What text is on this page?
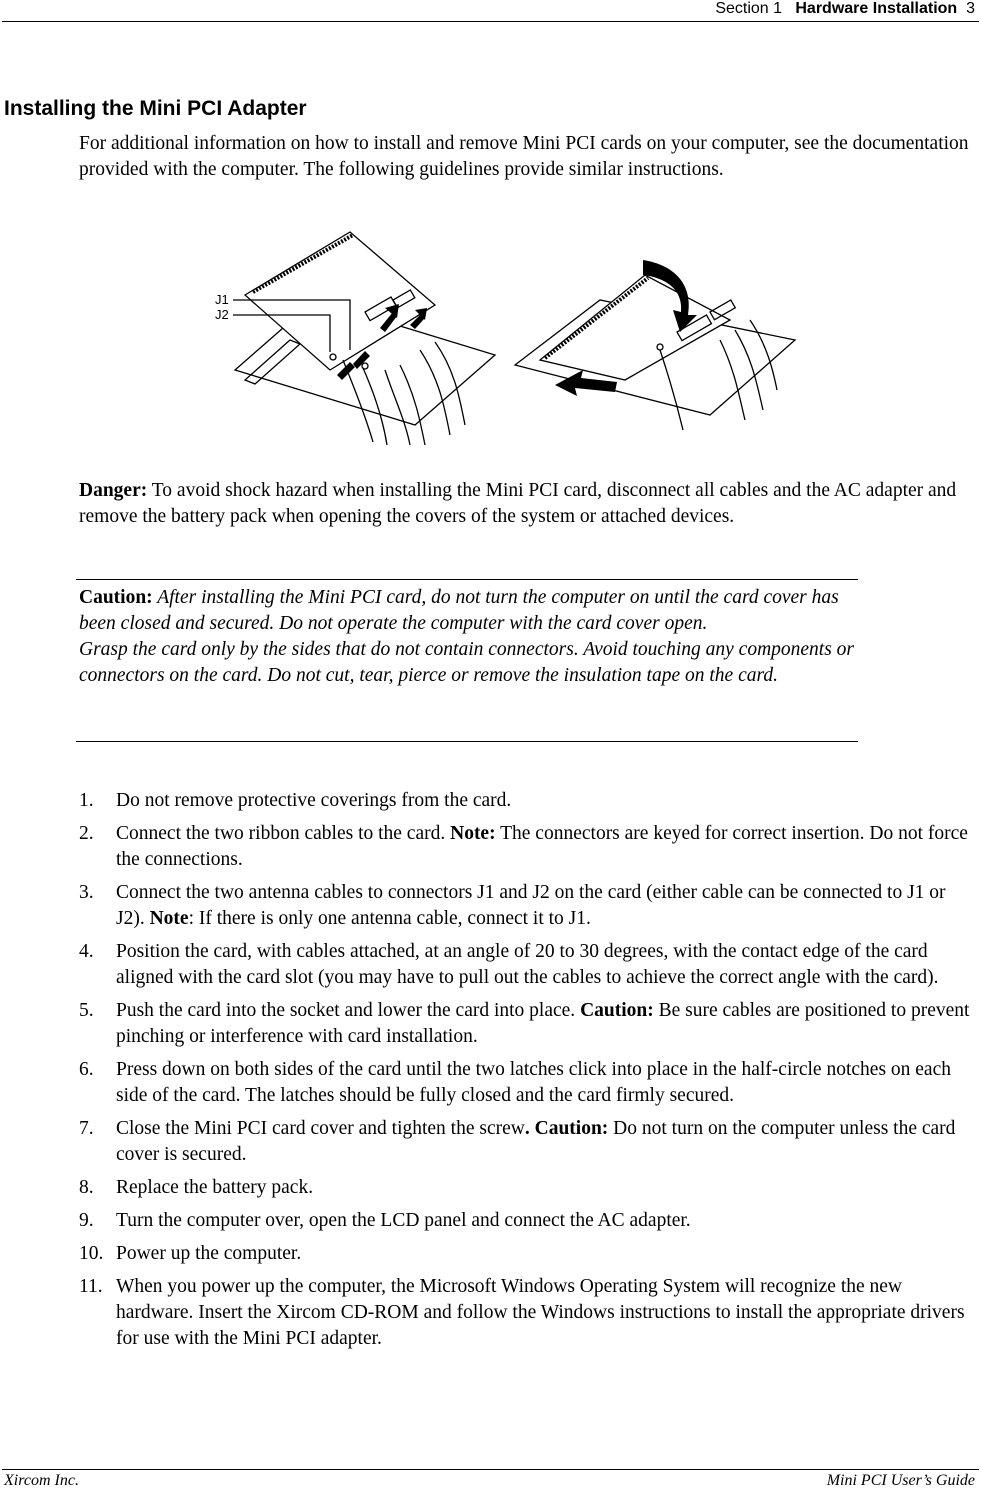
Section 1 Hardware Installation 3
Installing the Mini PCI Adapter

For additional information on how to install and remove Mini PCI cards on your computer, see the documentation provided with the computer. The following guidelines provide similar instructions.

J1
J2

Danger: To avoid shock hazard when installing the Mini PCI card, disconnect all cables and the AC adapter and remove the battery pack when opening the covers of the system or attached devices.

Caution: After installing the Mini PCI card, do not turn the computer on until the card cover has been closed and secured. Do not operate the computer with the card cover open.

Grasp the card only by the sides that do not contain connectors. Avoid touching any components or connectors on the card. Do not cut, tear, pierce or remove the insulation tape on the card.

1. Do not remove protective coverings from the card.
2. Connect the two ribbon cables to the card. Note: The connectors are keyed for correct insertion. Do not force the connections.
3. Connect the two antenna cables to connectors J1 and J2 on the card (either cable can be connected to J1 or J2). Note: If there is only one antenna cable, connect it to J1.
4. Position the card, with cables attached, at an angle of 20 to 30 degrees, with the contact edge of the card aligned with the card slot (you may have to pull out the cables to achieve the correct angle with the card).
5. Push the card into the socket and lower the card into place. Caution: Be sure cables are positioned to prevent pinching or interference with card installation.
6. Press down on both sides of the card until the two latches click into place in the half-circle notches on each side of the card. The latches should be fully closed and the card firmly secured.
7. Close the Mini PCI card cover and tighten the screw. Caution: Do not turn on the computer unless the card cover is secured.
8. Replace the battery pack.
9. Turn the computer over, open the LCD panel and connect the AC adapter.
10. Power up the computer.
11. When you power up the computer, the Microsoft Windows Operating System will recognize the new hardware. Insert the Xircom CD-ROM and follow the Windows instructions to install the appropriate drivers for use with the Mini PCI adapter.
Xircom Inc.	Mini PCI User’s Guide
